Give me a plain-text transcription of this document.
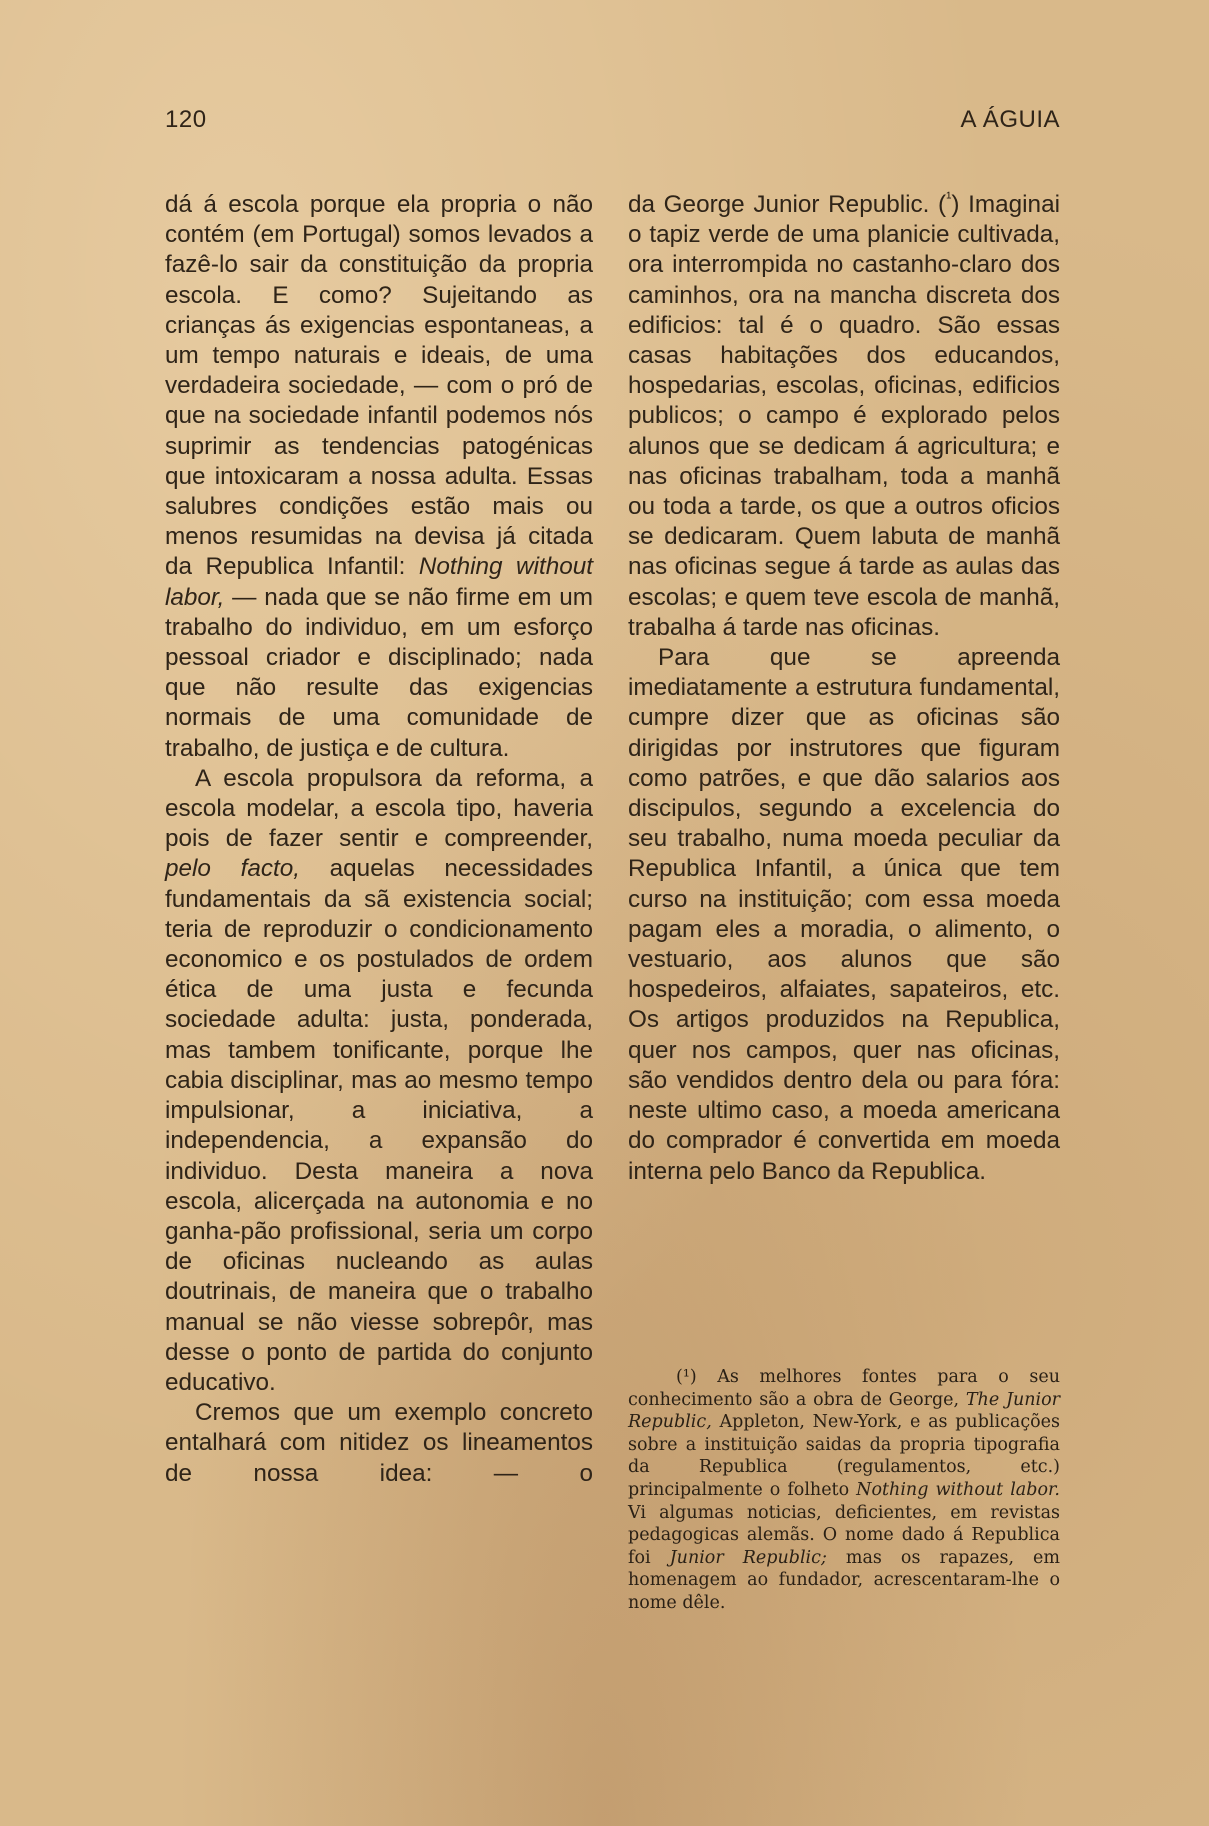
120	A ÁGUIA

dá á escola porque ela propria o não contém (em Portugal) somos levados a fazê-lo sair da constituição da propria escola. E como? Sujeitando as crianças ás exigencias espontaneas, a um tempo naturais e ideais, de uma verdadeira sociedade, — com o pró de que na sociedade infantil podemos nós suprimir as tendencias patogénicas que intoxicaram a nossa adulta. Essas salubres condições estão mais ou menos resumidas na devisa já citada da Republica Infantil: Nothing without labor, — nada que se não firme em um trabalho do individuo, em um esforço pessoal criador e disciplinado; nada que não resulte das exigencias normais de uma comunidade de trabalho, de justiça e de cultura.

A escola propulsora da reforma, a escola modelar, a escola tipo, haveria pois de fazer sentir e compreender, pelo facto, aquelas necessidades fundamentais da sã existencia social; teria de reproduzir o condicionamento economico e os postulados de ordem ética de uma justa e fecunda sociedade adulta: justa, ponderada, mas tambem tonificante, porque lhe cabia disciplinar, mas ao mesmo tempo impulsionar, a iniciativa, a independencia, a expansão do individuo. Desta maneira a nova escola, alicerçada na autonomia e no ganha-pão profissional, seria um corpo de oficinas nucleando as aulas doutrinais, de maneira que o trabalho manual se não viesse sobrepôr, mas desse o ponto de partida do conjunto educativo.

Cremos que um exemplo concreto entalhará com nitidez os lineamentos de nossa idea: — o

da George Junior Republic. ($^{^1}$) Imaginai o tapiz verde de uma planicie cultivada, ora interrompida no castanho-claro dos caminhos, ora na mancha discreta dos edificios: tal é o quadro. São essas casas habitações dos educandos, hospedarias, escolas, oficinas, edificios publicos; o campo é explorado pelos alunos que se dedicam á agricultura; e nas oficinas trabalham, toda a manhã ou toda a tarde, os que a outros oficios se dedicaram. Quem labuta de manhã nas oficinas segue á tarde as aulas das escolas; e quem teve escola de manhã, trabalha á tarde nas oficinas.

Para que se apreenda imediatamente a estrutura fundamental, cumpre dizer que as oficinas são dirigidas por instrutores que figuram como patrões, e que dão salarios aos discipulos, segundo a excelencia do seu trabalho, numa moeda peculiar da Republica Infantil, a única que tem curso na instituição; com essa moeda pagam eles a moradia, o alimento, o vestuario, aos alunos que são hospedeiros, alfaiates, sapateiros, etc. Os artigos produzidos na Republica, quer nos campos, quer nas oficinas, são vendidos dentro dela ou para fóra: neste ultimo caso, a moeda americana do comprador é convertida em moeda interna pelo Banco da Republica.

(¹) As melhores fontes para o seu conhecimento são a obra de George, The Junior Republic, Appleton, New-York, e as publicações sobre a instituição saidas da propria tipografia da Republica (regulamentos, etc.) principalmente o folheto Nothing without labor. Vi algumas noticias, deficientes, em revistas pedagogicas alemãs. O nome dado á Republica foi Junior Republic; mas os rapazes, em homenagem ao fundador, acrescentaram-lhe o nome dêle.
